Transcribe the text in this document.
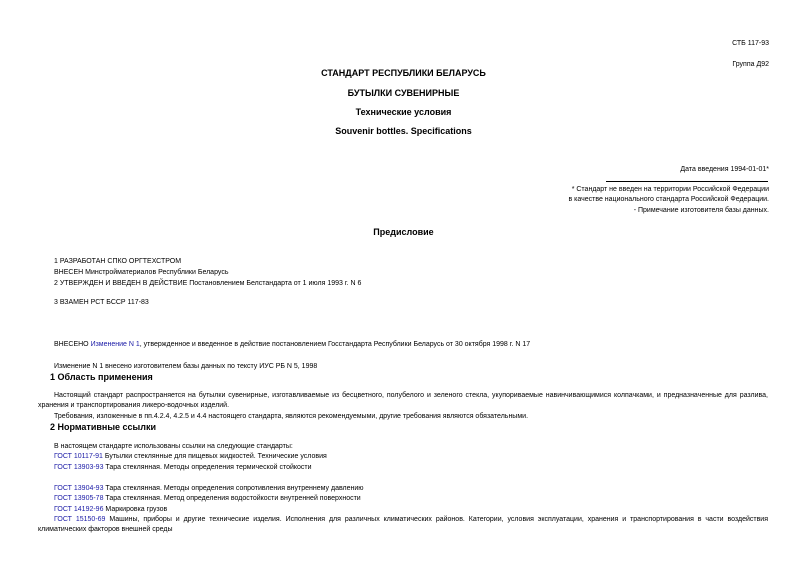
СТБ 117-93
Группа Д92
СТАНДАРТ РЕСПУБЛИКИ БЕЛАРУСЬ
БУТЫЛКИ СУВЕНИРНЫЕ
Технические условия
Souvenir bottles. Specifications
Дата введения 1994-01-01*
* Стандарт не введен на территории Российской Федерации
в качестве национального стандарта Российской Федерации.
- Примечание изготовителя базы данных.
Предисловие
1 РАЗРАБОТАН СПКО ОРГТЕХСТРОМ
ВНЕСЕН Минстройматериалов Республики Беларусь
2 УТВЕРЖДЕН И ВВЕДЕН В ДЕЙСТВИЕ Постановлением Белстандарта от 1 июля 1993 г. N 6
3 ВЗАМЕН РСТ БССР 117-83
ВНЕСЕНО Изменение N 1, утвержденное и введенное в действие постановлением Госстандарта Республики Беларусь от 30 октября 1998 г. N 17
Изменение N 1 внесено изготовителем базы данных по тексту ИУС РБ N 5, 1998
1 Область применения
Настоящий стандарт распространяется на бутылки сувенирные, изготавливаемые из бесцветного, полубелого и зеленого стекла, укупориваемые навинчивающимися колпачками, и предназначенные для разлива, хранения и транспортирования ликеро-водочных изделий.
Требования, изложенные в пп.4.2.4, 4.2.5 и 4.4 настоящего стандарта, являются рекомендуемыми, другие требования являются обязательными.
2 Нормативные ссылки
В настоящем стандарте использованы ссылки на следующие стандарты:
ГОСТ 10117-91 Бутылки стеклянные для пищевых жидкостей. Технические условия
ГОСТ 13903-93 Тара стеклянная. Методы определения термической стойкости
ГОСТ 13904-93 Тара стеклянная. Методы определения сопротивления внутреннему давлению
ГОСТ 13905-78 Тара стеклянная. Метод определения водостойкости внутренней поверхности
ГОСТ 14192-96 Маркировка грузов
ГОСТ 15150-69 Машины, приборы и другие технические изделия. Исполнения для различных климатических районов. Категории, условия эксплуатации, хранения и транспортирования в части воздействия климатических факторов внешней среды
